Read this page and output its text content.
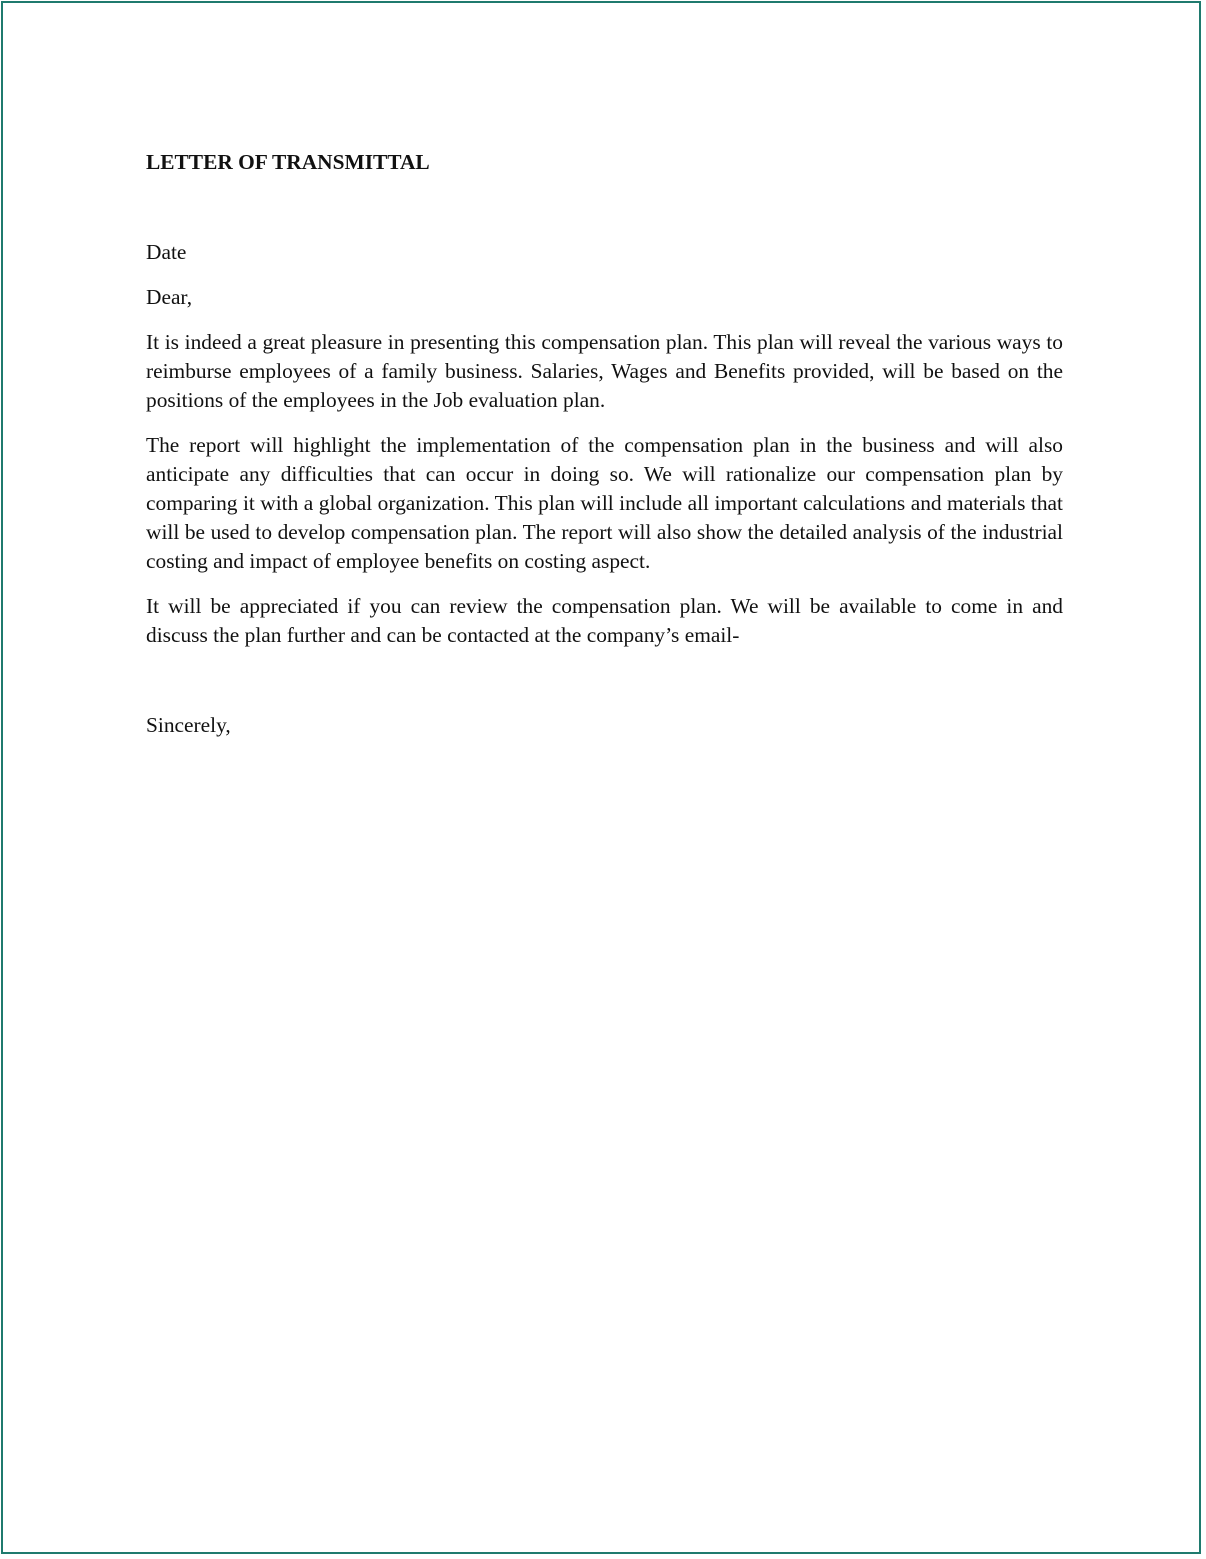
LETTER OF TRANSMITTAL

Date

Dear,

It is indeed a great pleasure in presenting this compensation plan. This plan will reveal the various ways to reimburse employees of a family business. Salaries, Wages and Benefits provided, will be based on the positions of the employees in the Job evaluation plan.

The report will highlight the implementation of the compensation plan in the business and will also anticipate any difficulties that can occur in doing so. We will rationalize our compensation plan by comparing it with a global organization. This plan will include all important calculations and materials that will be used to develop compensation plan. The report will also show the detailed analysis of the industrial costing and impact of employee benefits on costing aspect.

It will be appreciated if you can review the compensation plan. We will be available to come in and discuss the plan further and can be contacted at the company’s email-

Sincerely,
